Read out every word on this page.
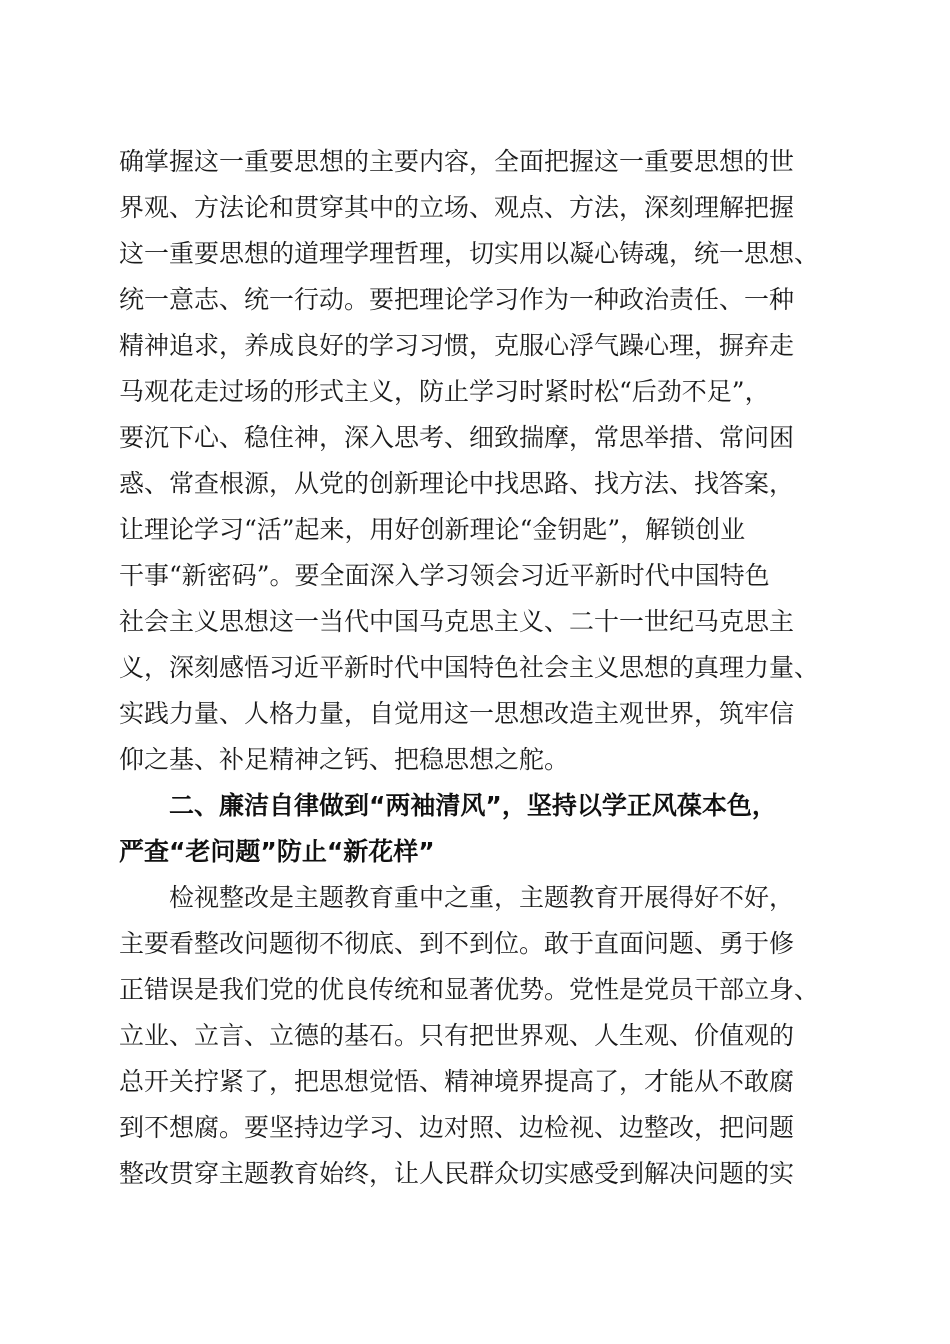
确掌握这一重要思想的主要内容，全面把握这一重要思想的世
界观、方法论和贯穿其中的立场、观点、方法，深刻理解把握
这一重要思想的道理学理哲理，切实用以凝心铸魂，统一思想、
统一意志、统一行动。要把理论学习作为一种政治责任、一种
精神追求，养成良好的学习习惯，克服心浮气躁心理，摒弃走
马观花走过场的形式主义，防止学习时紧时松“后劲不足”，
要沉下心、稳住神，深入思考、细致揣摩，常思举措、常问困
惑、常查根源，从党的创新理论中找思路、找方法、找答案，
让理论学习“活”起来，用好创新理论“金钥匙”，解锁创业
干事“新密码”。要全面深入学习领会习近平新时代中国特色
社会主义思想这一当代中国马克思主义、二十一世纪马克思主
义，深刻感悟习近平新时代中国特色社会主义思想的真理力量、
实践力量、人格力量，自觉用这一思想改造主观世界，筑牢信
仰之基、补足精神之钙、把稳思想之舵。
二、廉洁自律做到“两袖清风”，坚持以学正风葆本色，
严查“老问题”防止“新花样”
检视整改是主题教育重中之重，主题教育开展得好不好，
主要看整改问题彻不彻底、到不到位。敢于直面问题、勇于修
正错误是我们党的优良传统和显著优势。党性是党员干部立身、
立业、立言、立德的基石。只有把世界观、人生观、价值观的
总开关拧紧了，把思想觉悟、精神境界提高了，才能从不敢腐
到不想腐。要坚持边学习、边对照、边检视、边整改，把问题
整改贯穿主题教育始终，让人民群众切实感受到解决问题的实
